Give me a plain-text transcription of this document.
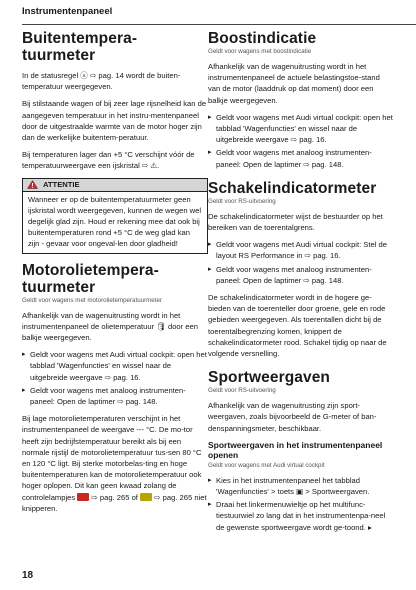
Instrumentenpaneel
Buitentempera-
tuurmeter

In de statusregel ⓐ ⇨ pag. 14 wordt de buiten-temperatuur weergegeven.

Bij stilstaande wagen of bij zeer lage rijsnelheid kan de aangegeven temperatuur in het instru-mentenpaneel door de uitgestraalde warmte van de motor hoger zijn dan de werkelijke buitentem-peratuur.

Bij temperaturen lager dan +5 °C verschijnt vóór de temperatuurweergave een ijskristal ⇨ ⚠.

ATTENTIE
Wanneer er op de buitentemperatuurmeter geen ijskristal wordt weergegeven, kunnen de wegen wel degelijk glad zijn. Houd er rekening mee dat ook bij buitentemperaturen rond +5 °C de weg glad kan zijn - gevaar voor ongeval-len door gladheid!
Motorolietempera-
tuurmeter
Geldt voor wagens met motorolietemperatuurmeter

Afhankelijk van de wagenuitrusting wordt in het instrumentenpaneel de olietemperatuur 🛢 door een balkje weergegeven.

▸ Geldt voor wagens met Audi virtual cockpit: open het tabblad 'Wagenfuncties' en wissel naar de uitgebreide weergave ⇨ pag. 16.
▸ Geldt voor wagens met analoog instrumenten-paneel: Open de laptimer ⇨ pag. 148.

Bij lage motorolietemperaturen verschijnt in het instrumentenpaneel de weergave --- °C. De mo-tor heeft zijn bedrijfstemperatuur bereikt als bij een normale rijstijl de motorolietemperatuur tus-sen 80 °C en 120 °C ligt. Bij sterke motorbelas-ting en hoge buitentemperaturen kan de motorolietemperatuur ook hoger oplopen. Dit kan geen kwaad zolang de controlelampjes ⇨ pag. 265 of ⇨ pag. 265 niet knipperen.

Boostindicatie
Geldt voor wagens met boostindicatie

Afhankelijk van de wagenuitrusting wordt in het instrumentenpaneel de actuele belastingstoe-stand van de motor (laaddruk op dat moment) door een balkje weergegeven.

▸ Geldt voor wagens met Audi virtual cockpit: open het tabblad 'Wagenfuncties' en wissel naar de uitgebreide weergave ⇨ pag. 16.
▸ Geldt voor wagens met analoog instrumenten-paneel: Open de laptimer ⇨ pag. 148.
Schakelindicatormeter
Geldt voor RS-uitvoering

De schakelindicatormeter wijst de bestuurder op het bereiken van de toerentalgrens.

▸ Geldt voor wagens met Audi virtual cockpit: Stel de layout RS Performance in ⇨ pag. 16.
▸ Geldt voor wagens met analoog instrumenten-paneel: Open de laptimer ⇨ pag. 148.

De schakelindicatormeter wordt in de hogere ge-bieden van de toerenteller door groene, gele en rode gebieden weergegeven. Als toerentallen dicht bij de toerentalbegrenzing komen, knippert de schakelindicatormeter rood. Schakel tijdig op naar de volgende versnelling.

Sportweergaven
Geldt voor RS-uitvoering

Afhankelijk van de wagenuitrusting zijn sport-weergaven, zoals bijvoorbeeld de G-meter of ban-denspanningsmeter, beschikbaar.

Sportweergaven in het instrumentenpaneel openen
Geldt voor wagens met Audi virtual cockpit
▸ Kies in het instrumentenpaneel het tabblad 'Wagenfuncties' > toets ▣ > Sportweergaven.
▸ Draai het linkermenuwieltje op het multifunc-tiestuurwiel zo lang dat in het instrumentenpa-neel de gewenste sportweergave wordt ge-toond. ▸
18
